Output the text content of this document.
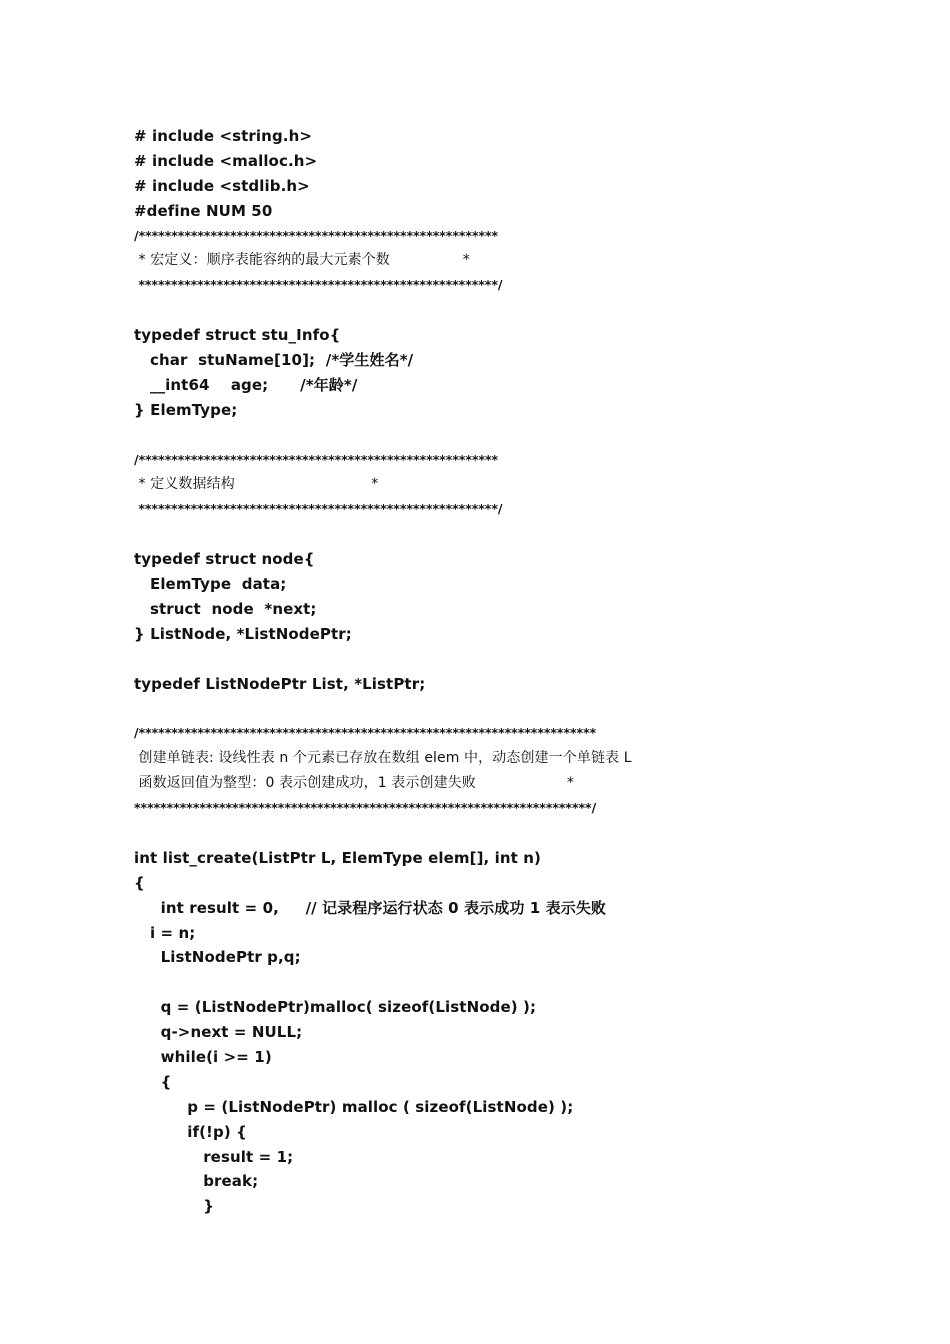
# include <string.h>
# include <malloc.h>
# include <stdlib.h>
#define NUM 50
/*******************************************************
* 宏定义：顺序表能容纳的最大元素个数                *
*******************************************************/
typedef struct stu_Info{
char  stuName[10];  /*学生姓名*/
__int64    age;      /*年龄*/
} ElemType;
/*******************************************************
* 定义数据结构                              *
*******************************************************/
typedef struct node{
ElemType  data;
struct  node  *next;
} ListNode, *ListNodePtr;
typedef ListNodePtr List, *ListPtr;
/**********************************************************************
创建单链表: 设线性表 n 个元素已存放在数组 elem 中，动态创建一个单链表 L
函数返回值为整型：0 表示创建成功，1 表示创建失败                    *
**********************************************************************/
int list_create(ListPtr L, ElemType elem[], int n)
{
int result = 0,     // 记录程序运行状态 0 表示成功 1 表示失败
i = n;
ListNodePtr p,q;
q = (ListNodePtr)malloc( sizeof(ListNode) );
q->next = NULL;
while(i >= 1)
{
p = (ListNodePtr) malloc ( sizeof(ListNode) );
if(!p) {
result = 1;
break;
}
